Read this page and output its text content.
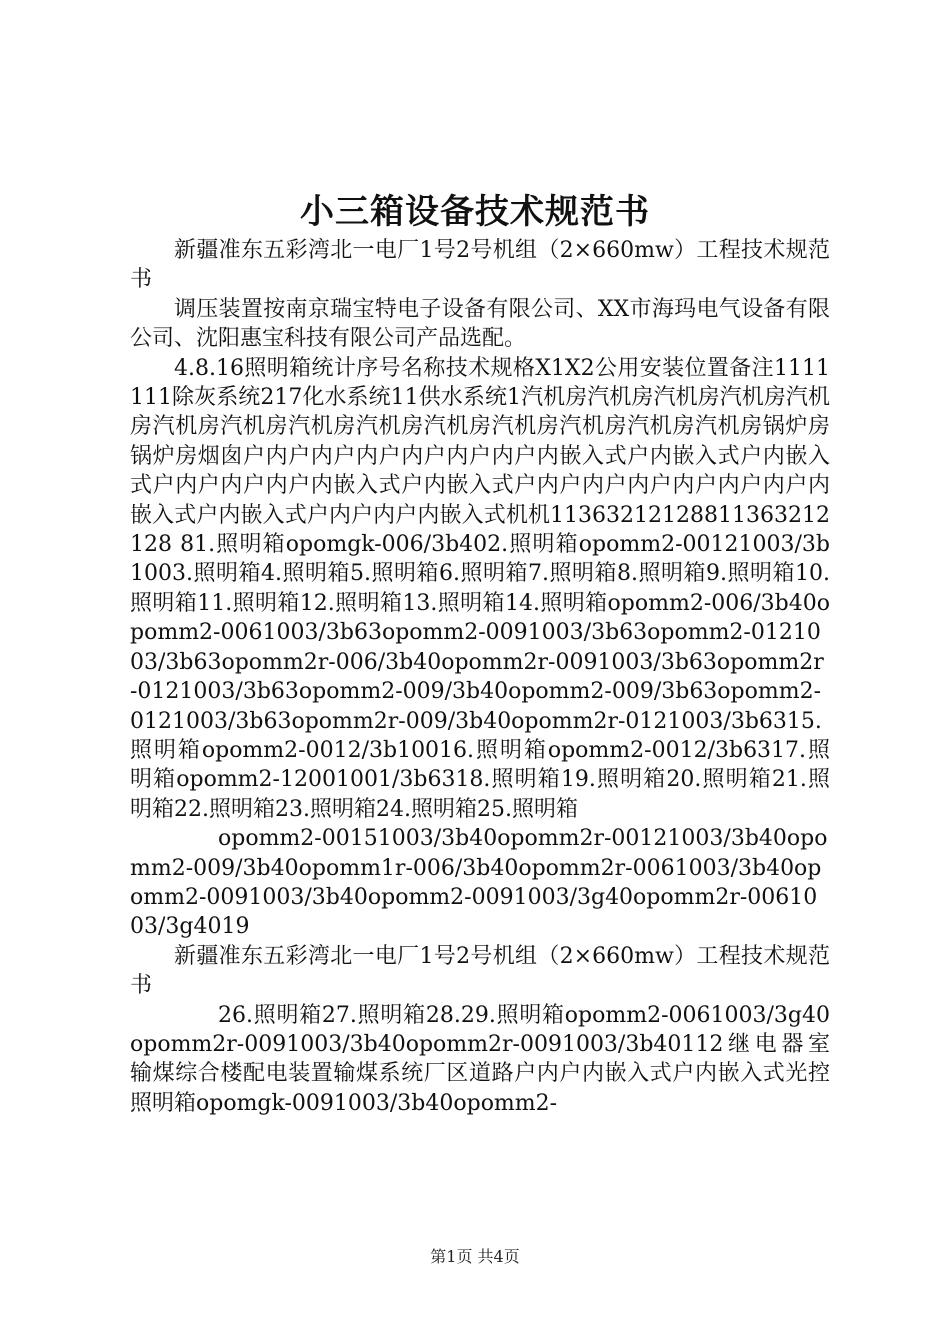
小三箱设备技术规范书

新疆准东五彩湾北一电厂1号2号机组（2×660mw）工程技术规范书

调压装置按南京瑞宝特电子设备有限公司、XX市海玛电气设备有限公司、沈阳惠宝科技有限公司产品选配。

4.8.16照明箱统计序号名称技术规格X1X2公用安装位置备注1111111除灰系统217化水系统11供水系统1汽机房汽机房汽机房汽机房汽机房汽机房汽机房汽机房汽机房汽机房汽机房汽机房汽机房汽机房锅炉房锅炉房烟囱户内户内户内户内户内户内户内嵌入式户内嵌入式户内嵌入式户内户内户内户内嵌入式户内嵌入式户内户内户内户内户内户内户内嵌入式户内嵌入式户内户内户内嵌入式机机11363212128811363212128 81.照明箱opomgk-006/3b402.照明箱opomm2-00121003/3b1003.照明箱4.照明箱5.照明箱6.照明箱7.照明箱8.照明箱9.照明箱10.照明箱11.照明箱12.照明箱13.照明箱14.照明箱opomm2-006/3b40opomm2-0061003/3b63opomm2-0091003/3b63opomm2-0121003/3b63opomm2r-006/3b40opomm2r-0091003/3b63opomm2r-0121003/3b63opomm2-009/3b40opomm2-009/3b63opomm2-0121003/3b63opomm2r-009/3b40opomm2r-0121003/3b6315.照明箱opomm2-0012/3b10016.照明箱opomm2-0012/3b6317.照明箱opomm2-12001001/3b6318.照明箱19.照明箱20.照明箱21.照明箱22.照明箱23.照明箱24.照明箱25.照明箱

opomm2-00151003/3b40opomm2r-00121003/3b40opomm2-009/3b40opomm1r-006/3b40opomm2r-0061003/3b40opomm2-0091003/3b40opomm2-0091003/3g40opomm2r-0061003/3g4019

新疆准东五彩湾北一电厂1号2号机组（2×660mw）工程技术规范书

26.照明箱27.照明箱28.29.照明箱opomm2-0061003/3g40opomm2r-0091003/3b40opomm2r-0091003/3b40112继电器室输煤综合楼配电装置输煤系统厂区道路户内户内嵌入式户内嵌入式光控照明箱opomgk-0091003/3b40opomm2-

第1页 共4页
